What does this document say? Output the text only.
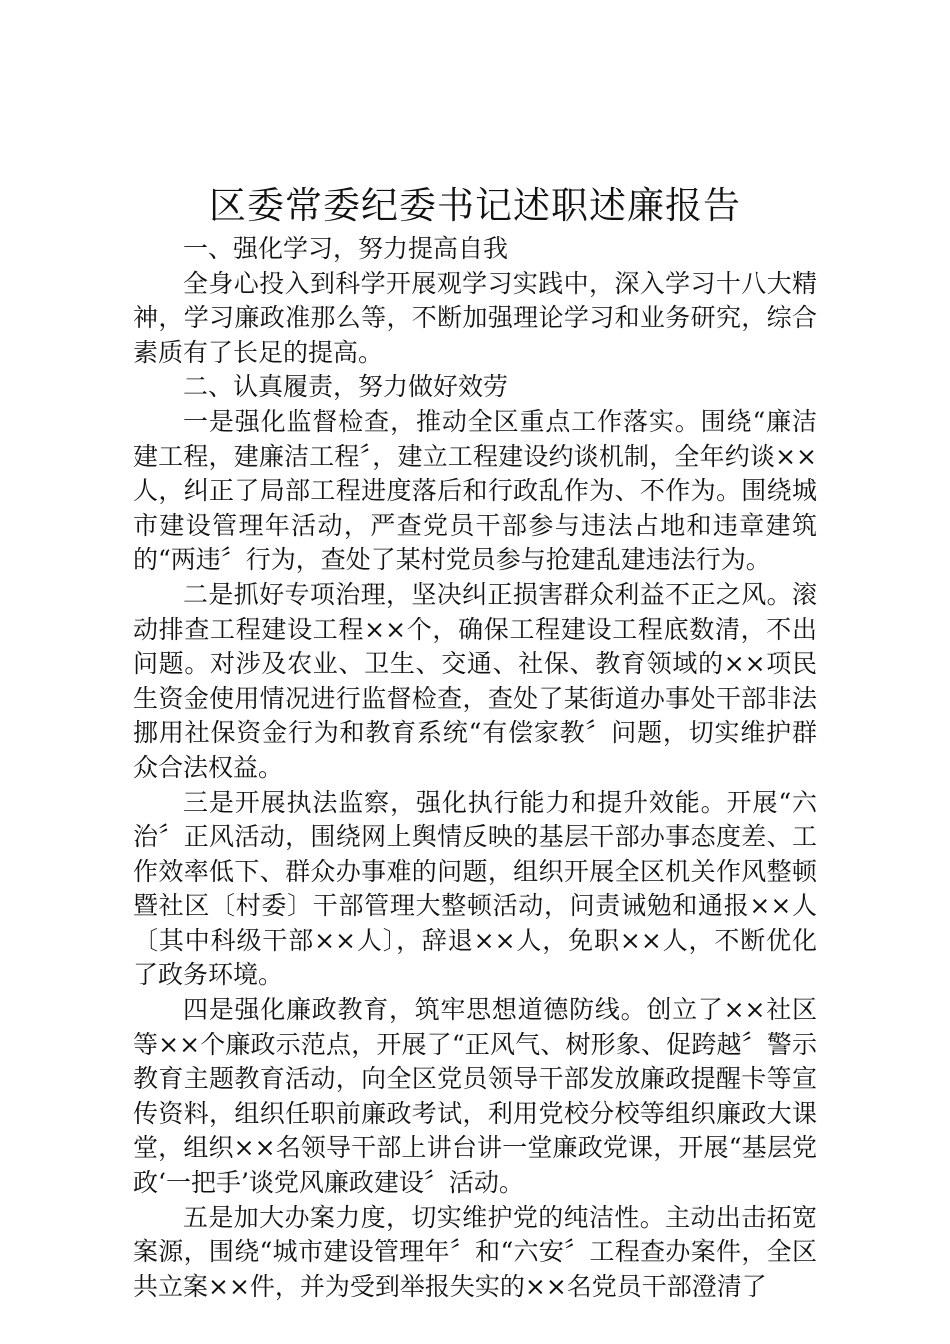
区委常委纪委书记述职述廉报告

一、强化学习，努力提高自我

全身心投入到科学开展观学习实践中，深入学习十八大精神，学习廉政准那么等，不断加强理论学习和业务研究，综合素质有了长足的提高。

二、认真履责，努力做好效劳

一是强化监督检查，推动全区重点工作落实。围绕“廉洁建工程，建廉洁工程〞，建立工程建设约谈机制，全年约谈××人，纠正了局部工程进度落后和行政乱作为、不作为。围绕城市建设管理年活动，严查党员干部参与违法占地和违章建筑的“两违〞行为，查处了某村党员参与抢建乱建违法行为。

二是抓好专项治理，坚决纠正损害群众利益不正之风。滚动排查工程建设工程××个，确保工程建设工程底数清，不出问题。对涉及农业、卫生、交通、社保、教育领域的××项民生资金使用情况进行监督检查，查处了某街道办事处干部非法挪用社保资金行为和教育系统“有偿家教〞问题，切实维护群众合法权益。

三是开展执法监察，强化执行能力和提升效能。开展“六治〞正风活动，围绕网上舆情反映的基层干部办事态度差、工作效率低下、群众办事难的问题，组织开展全区机关作风整顿暨社区〔村委〕干部管理大整顿活动，问责诫勉和通报××人〔其中科级干部××人〕，辞退××人，免职××人，不断优化了政务环境。

四是强化廉政教育，筑牢思想道德防线。创立了××社区等××个廉政示范点，开展了“正风气、树形象、促跨越〞警示教育主题教育活动，向全区党员领导干部发放廉政提醒卡等宣传资料，组织任职前廉政考试，利用党校分校等组织廉政大课堂，组织××名领导干部上讲台讲一堂廉政党课，开展“基层党政‘一把手’谈党风廉政建设〞活动。

五是加大办案力度，切实维护党的纯洁性。主动出击拓宽案源，围绕“城市建设管理年〞和“六安〞工程查办案件，全区共立案××件，并为受到举报失实的××名党员干部澄清了
